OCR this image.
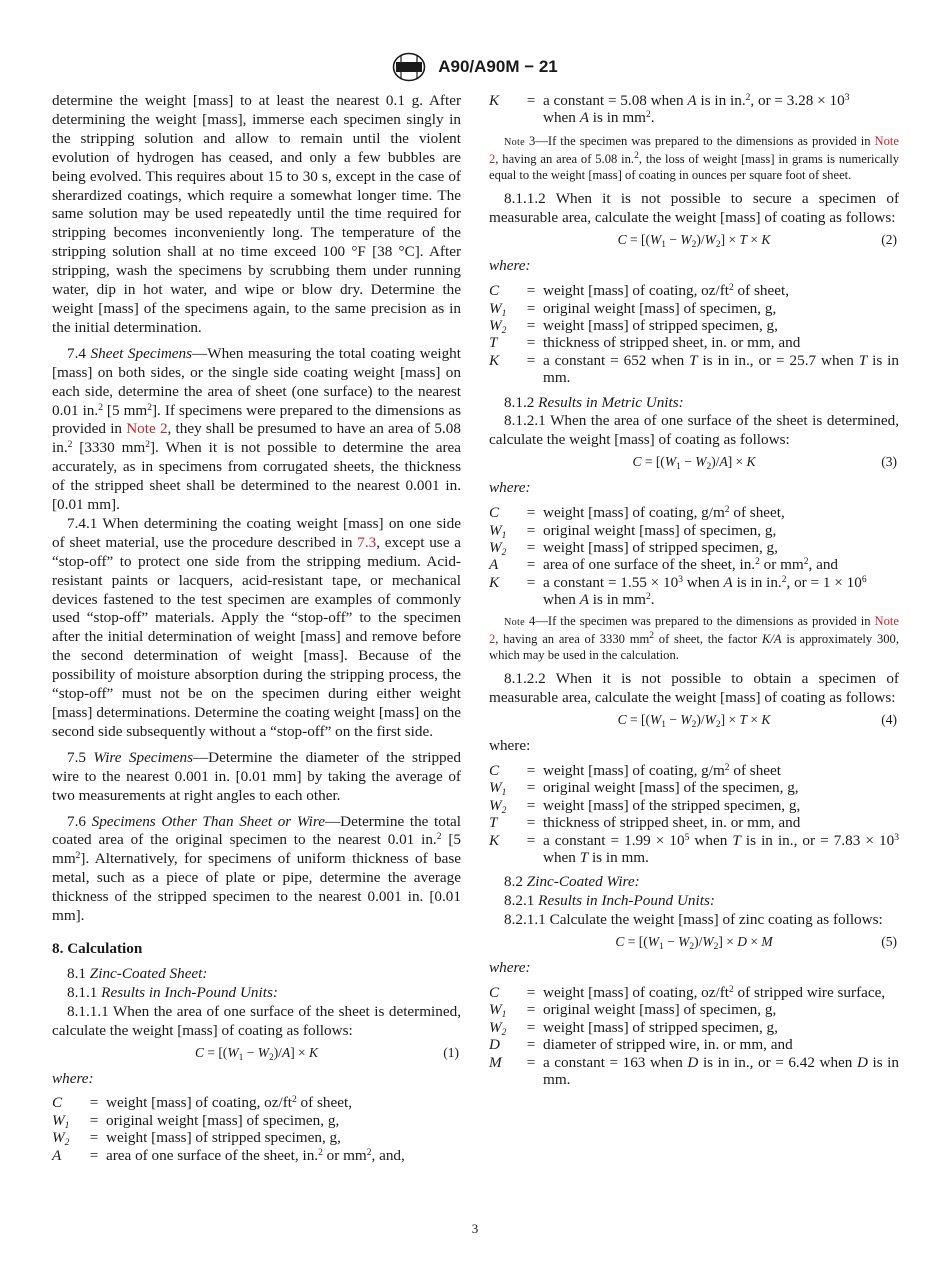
A90/A90M − 21

determine the weight [mass] to at least the nearest 0.1 g. After determining the weight [mass], immerse each specimen singly in the stripping solution and allow to remain until the violent evolution of hydrogen has ceased, and only a few bubbles are being evolved. This requires about 15 to 30 s, except in the case of sherardized coatings, which require a somewhat longer time. The same solution may be used repeatedly until the time required for stripping becomes inconveniently long. The temperature of the stripping solution shall at no time exceed 100 °F [38 °C]. After stripping, wash the specimens by scrubbing them under running water, dip in hot water, and wipe or blow dry. Determine the weight [mass] of the specimens again, to the same precision as in the initial determination.

7.4 Sheet Specimens—When measuring the total coating weight [mass] on both sides, or the single side coating weight [mass] on each side, determine the area of sheet (one surface) to the nearest 0.01 in.$^2$ [5 $mm^2$]. If specimens were prepared to the dimensions as provided in Note 2, they shall be presumed to have an area of 5.08 in.$^2$ [3330 $mm^2$]. When it is not possible to determine the area accurately, as in specimens from corrugated sheets, the thickness of the stripped sheet shall be determined to the nearest 0.001 in. [0.01 mm].

7.4.1 When determining the coating weight [mass] on one side of sheet material, use the procedure described in 7.3, except use a “stop-off” to protect one side from the stripping medium. Acid-resistant paints or lacquers, acid-resistant tape, or mechanical devices fastened to the test specimen are examples of commonly used “stop-off” materials. Apply the “stop-off” to the specimen after the initial determination of weight [mass] and remove before the second determination of weight [mass]. Because of the possibility of moisture absorption during the stripping process, the “stop-off” must not be on the specimen during either weight [mass] determinations. Determine the coating weight [mass] on the second side subsequently without a “stop-off” on the first side.

7.5 Wire Specimens—Determine the diameter of the stripped wire to the nearest 0.001 in. [0.01 mm] by taking the average of two measurements at right angles to each other.

7.6 Specimens Other Than Sheet or Wire—Determine the total coated area of the original specimen to the nearest 0.01 in.$^2$ [5 $mm^2$]. Alternatively, for specimens of uniform thickness of base metal, such as a piece of plate or pipe, determine the average thickness of the stripped specimen to the nearest 0.001 in. [0.01 mm].

8. Calculation

8.1 Zinc-Coated Sheet:

8.1.1 Results in Inch-Pound Units:

8.1.1.1 When the area of one surface of the sheet is determined, calculate the weight [mass] of coating as follows:

$C = [(W_1 - W_2)/A] \times K$	(1)
where:
C	=	weight [mass] of coating, $oz/ft^2$ of sheet,
$W_1$	=	original weight [mass] of specimen, g,
$W_2$	=	weight [mass] of stripped specimen, g,
A	=	area of one surface of the sheet, in.$^2$ or $mm^2$, and,
K	=	a constant = 5.08 when A is in in.$^2$, or = $3.28 \times 10^3$
when A is in $mm^2$.

Note 3—If the specimen was prepared to the dimensions as provided in Note 2, having an area of 5.08 in.$^2$, the loss of weight [mass] in grams is numerically equal to the weight [mass] of coating in ounces per square foot of sheet.

8.1.1.2 When it is not possible to secure a specimen of measurable area, calculate the weight [mass] of coating as follows:

$C = [(W_1 - W_2)/W_2] \times T \times K$	(2)
where:
C	=	weight [mass] of coating, $oz/ft^2$ of sheet,
$W_1$	=	original weight [mass] of specimen, g,
$W_2$	=	weight [mass] of stripped specimen, g,
T	=	thickness of stripped sheet, in. or mm, and
K	=	a constant = 652 when T is in in., or = 25.7 when T is in mm.

8.1.2 Results in Metric Units:

8.1.2.1 When the area of one surface of the sheet is determined, calculate the weight [mass] of coating as follows:

$C = [(W_1 - W_2)/A] \times K$	(3)
where:
C	=	weight [mass] of coating, $g/m^2$ of sheet,
$W_1$	=	original weight [mass] of specimen, g,
$W_2$	=	weight [mass] of stripped specimen, g,
A	=	area of one surface of the sheet, in.$^2$ or $mm^2$, and
K	=	a constant = $1.55 \times 10^3$ when A is in in.$^2$, or = $1 \times 10^6$
when A is in $mm^2$.

Note 4—If the specimen was prepared to the dimensions as provided in Note 2, having an area of 3330 $mm^2$ of sheet, the factor K/A is approximately 300, which may be used in the calculation.

8.1.2.2 When it is not possible to obtain a specimen of measurable area, calculate the weight [mass] of coating as follows:

$C = [(W_1 - W_2)/W_2] \times T \times K$	(4)
where:
C	=	weight [mass] of coating, $g/m^2$ of sheet
$W_1$	=	original weight [mass] of the specimen, g,
$W_2$	=	weight [mass] of the stripped specimen, g,
T	=	thickness of stripped sheet, in. or mm, and
K	=	a constant = $1.99 \times 10^5$ when T is in in., or = $7.83 \times 10^3$ when T is in mm.

8.2 Zinc-Coated Wire:

8.2.1 Results in Inch-Pound Units:

8.2.1.1 Calculate the weight [mass] of zinc coating as follows:

$C = [(W_1 - W_2)/W_2] \times D \times M$	(5)
where:
C	=	weight [mass] of coating, $oz/ft^2$ of stripped wire surface,
$W_1$	=	original weight [mass] of specimen, g,
$W_2$	=	weight [mass] of stripped specimen, g,
D	=	diameter of stripped wire, in. or mm, and
M	=	a constant = 163 when D is in in., or = 6.42 when D is in mm.
3
